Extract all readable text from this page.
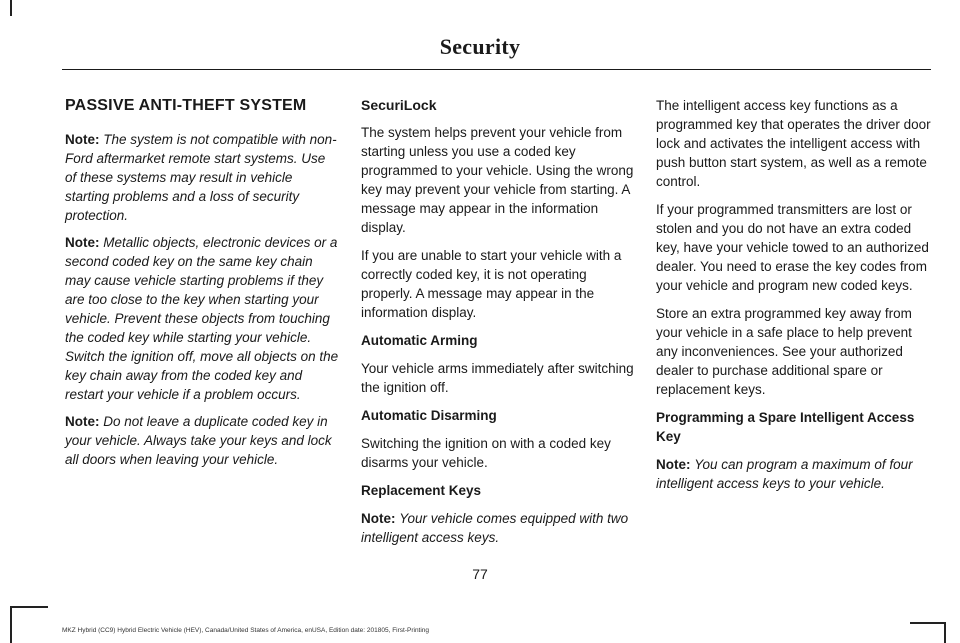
Security
PASSIVE ANTI-THEFT SYSTEM

Note: The system is not compatible with non-Ford aftermarket remote start systems. Use of these systems may result in vehicle starting problems and a loss of security protection.

Note: Metallic objects, electronic devices or a second coded key on the same key chain may cause vehicle starting problems if they are too close to the key when starting your vehicle. Prevent these objects from touching the coded key while starting your vehicle. Switch the ignition off, move all objects on the key chain away from the coded key and restart your vehicle if a problem occurs.

Note: Do not leave a duplicate coded key in your vehicle. Always take your keys and lock all doors when leaving your vehicle.

SecuriLock

The system helps prevent your vehicle from starting unless you use a coded key programmed to your vehicle. Using the wrong key may prevent your vehicle from starting. A message may appear in the information display.

If you are unable to start your vehicle with a correctly coded key, it is not operating properly. A message may appear in the information display.

Automatic Arming

Your vehicle arms immediately after switching the ignition off.

Automatic Disarming

Switching the ignition on with a coded key disarms your vehicle.

Replacement Keys

Note: Your vehicle comes equipped with two intelligent access keys.

The intelligent access key functions as a programmed key that operates the driver door lock and activates the intelligent access with push button start system, as well as a remote control.

If your programmed transmitters are lost or stolen and you do not have an extra coded key, have your vehicle towed to an authorized dealer. You need to erase the key codes from your vehicle and program new coded keys.

Store an extra programmed key away from your vehicle in a safe place to help prevent any inconveniences. See your authorized dealer to purchase additional spare or replacement keys.

Programming a Spare Intelligent Access Key

Note: You can program a maximum of four intelligent access keys to your vehicle.

77

MKZ Hybrid (CC9) Hybrid Electric Vehicle (HEV), Canada/United States of America, enUSA, Edition date: 201805, First-Printing
